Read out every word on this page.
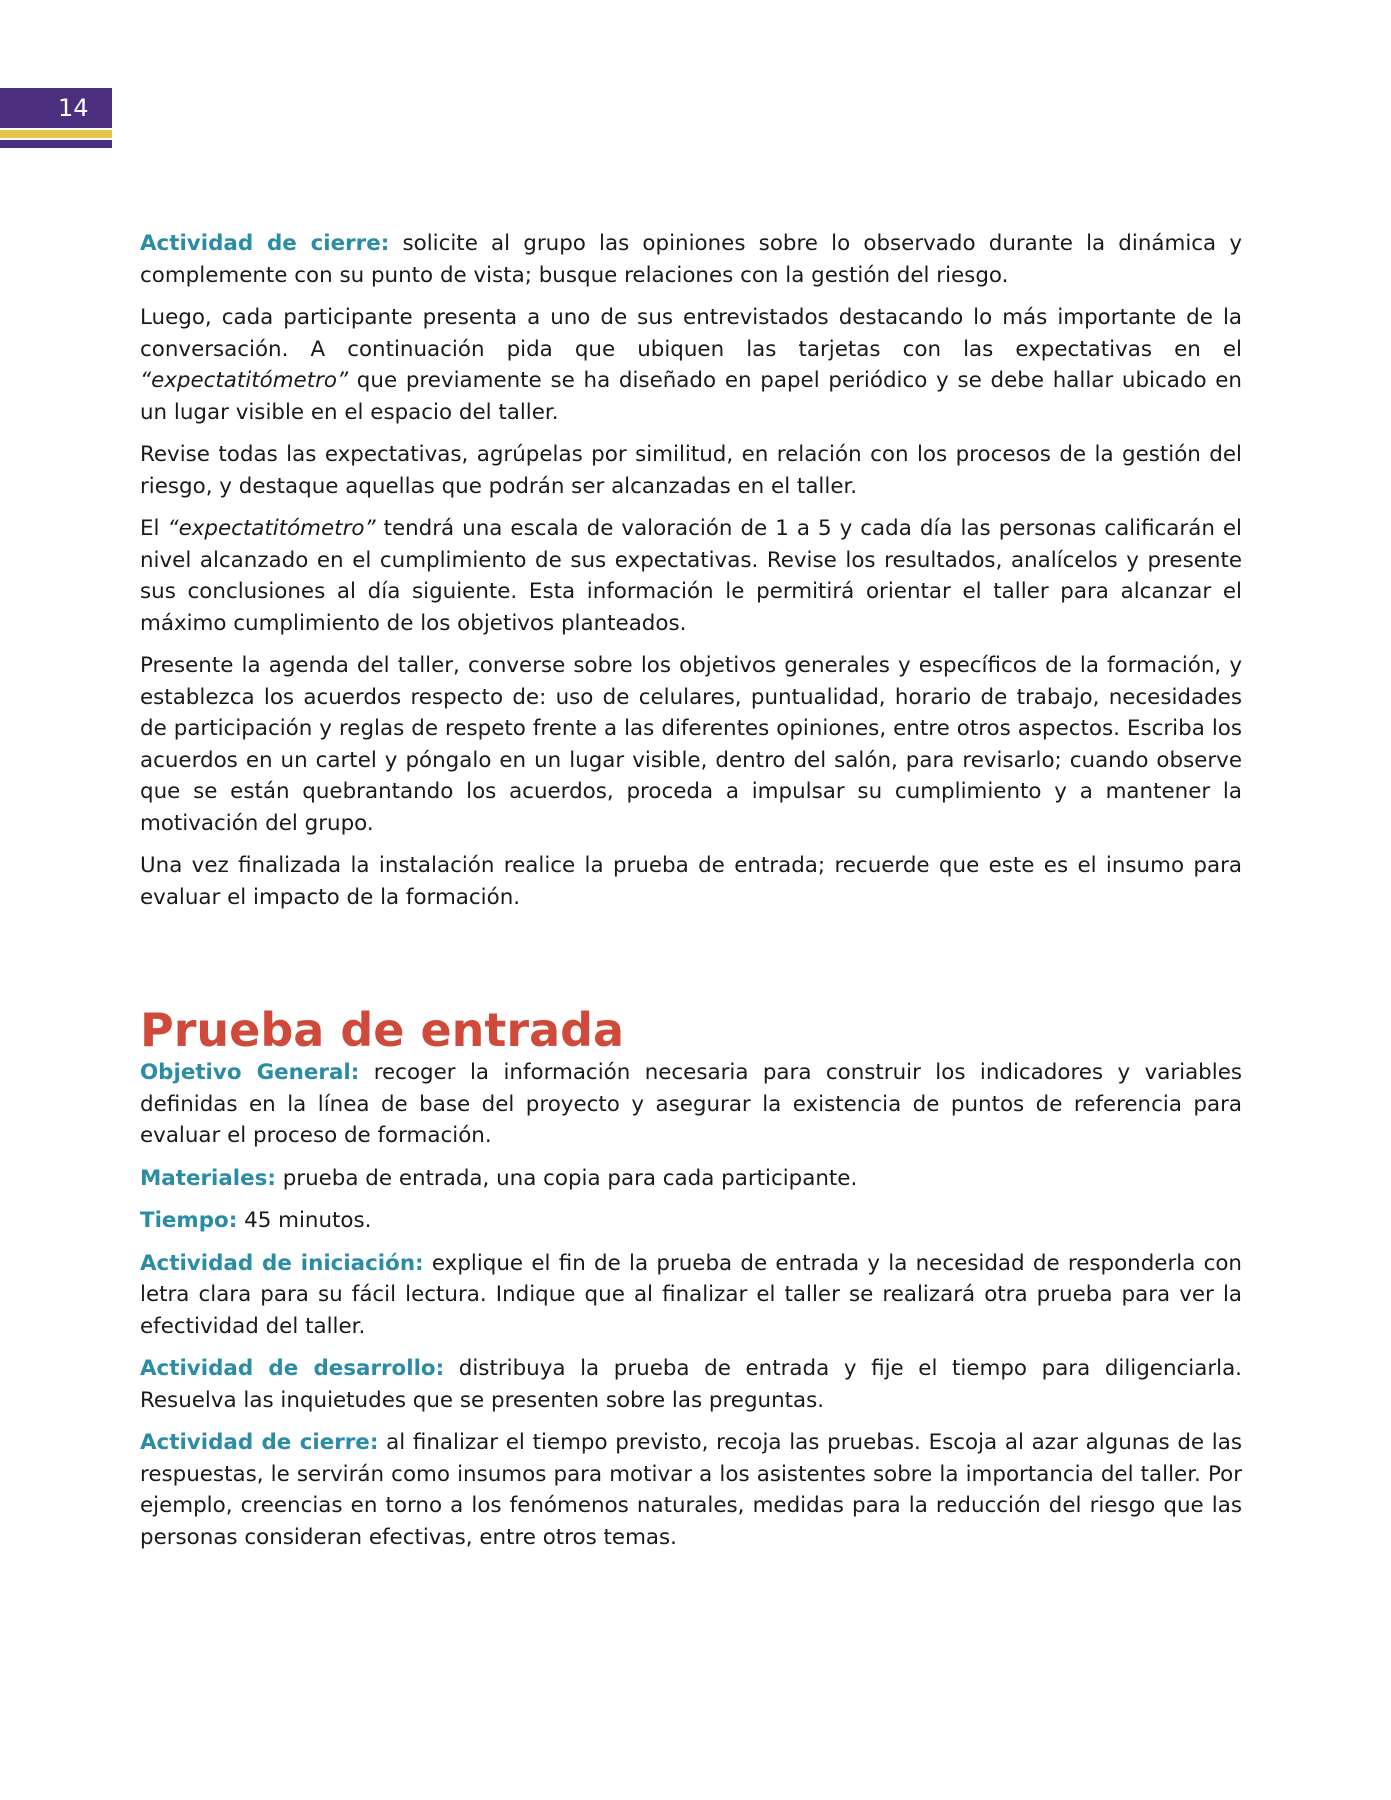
14

Actividad de cierre: solicite al grupo las opiniones sobre lo observado durante la dinámica y complemente con su punto de vista; busque relaciones con la gestión del riesgo.

Luego, cada participante presenta a uno de sus entrevistados destacando lo más importante de la conversación. A continuación pida que ubiquen las tarjetas con las expectativas en el “expectatitómetro” que previamente se ha diseñado en papel periódico y se debe hallar ubicado en un lugar visible en el espacio del taller.

Revise todas las expectativas, agrúpelas por similitud, en relación con los procesos de la gestión del riesgo, y destaque aquellas que podrán ser alcanzadas en el taller.

El “expectatitómetro” tendrá una escala de valoración de 1 a 5 y cada día las personas calificarán el nivel alcanzado en el cumplimiento de sus expectativas. Revise los resultados, analícelos y presente sus conclusiones al día siguiente. Esta información le permitirá orientar el taller para alcanzar el máximo cumplimiento de los objetivos planteados.

Presente la agenda del taller, converse sobre los objetivos generales y específicos de la formación, y establezca los acuerdos respecto de: uso de celulares, puntualidad, horario de trabajo, necesidades de participación y reglas de respeto frente a las diferentes opiniones, entre otros aspectos. Escriba los acuerdos en un cartel y póngalo en un lugar visible, dentro del salón, para revisarlo; cuando observe que se están quebrantando los acuerdos, proceda a impulsar su cumplimiento y a mantener la motivación del grupo.

Una vez finalizada la instalación realice la prueba de entrada; recuerde que este es el insumo para evaluar el impacto de la formación.

Prueba de entrada

Objetivo General: recoger la información necesaria para construir los indicadores y variables definidas en la línea de base del proyecto y asegurar la existencia de puntos de referencia para evaluar el proceso de formación.

Materiales: prueba de entrada, una copia para cada participante.

Tiempo: 45 minutos.

Actividad de iniciación: explique el fin de la prueba de entrada y la necesidad de responderla con letra clara para su fácil lectura. Indique que al finalizar el taller se realizará otra prueba para ver la efectividad del taller.

Actividad de desarrollo: distribuya la prueba de entrada y fije el tiempo para diligenciarla. Resuelva las inquietudes que se presenten sobre las preguntas.

Actividad de cierre: al finalizar el tiempo previsto, recoja las pruebas. Escoja al azar algunas de las respuestas, le servirán como insumos para motivar a los asistentes sobre la importancia del taller. Por ejemplo, creencias en torno a los fenómenos naturales, medidas para la reducción del riesgo que las personas consideran efectivas, entre otros temas.
